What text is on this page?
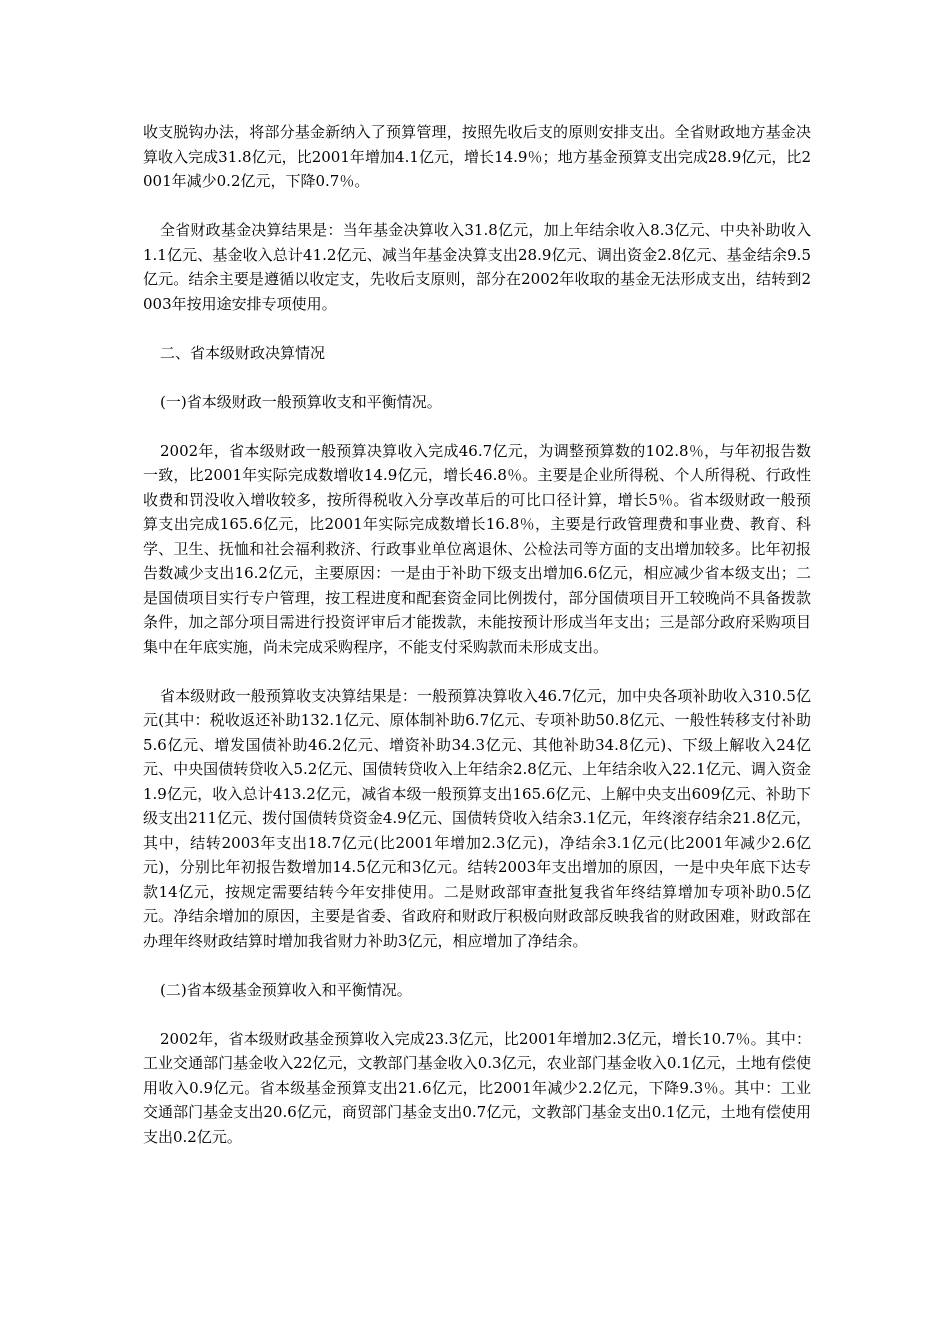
收支脱钩办法，将部分基金新纳入了预算管理，按照先收后支的原则安排支出。全省财政地方基金决算收入完成31.8亿元，比2001年增加4.1亿元，增长14.9％；地方基金预算支出完成28.9亿元，比2001年减少0.2亿元，下降0.7％。

全省财政基金决算结果是：当年基金决算收入31.8亿元，加上年结余收入8.3亿元、中央补助收入1.1亿元、基金收入总计41.2亿元、减当年基金决算支出28.9亿元、调出资金2.8亿元、基金结余9.5亿元。结余主要是遵循以收定支，先收后支原则，部分在2002年收取的基金无法形成支出，结转到2003年按用途安排专项使用。

二、省本级财政决算情况

(一)省本级财政一般预算收支和平衡情况。

2002年，省本级财政一般预算决算收入完成46.7亿元，为调整预算数的102.8％，与年初报告数一致，比2001年实际完成数增收14.9亿元，增长46.8％。主要是企业所得税、个人所得税、行政性收费和罚没收入增收较多，按所得税收入分享改革后的可比口径计算，增长5％。省本级财政一般预算支出完成165.6亿元，比2001年实际完成数增长16.8％，主要是行政管理费和事业费、教育、科学、卫生、抚恤和社会福利救济、行政事业单位离退休、公检法司等方面的支出增加较多。比年初报告数减少支出16.2亿元，主要原因：一是由于补助下级支出增加6.6亿元，相应减少省本级支出；二是国债项目实行专户管理，按工程进度和配套资金同比例拨付，部分国债项目开工较晚尚不具备拨款条件，加之部分项目需进行投资评审后才能拨款，未能按预计形成当年支出；三是部分政府采购项目集中在年底实施，尚未完成采购程序，不能支付采购款而未形成支出。

省本级财政一般预算收支决算结果是：一般预算决算收入46.7亿元，加中央各项补助收入310.5亿元(其中：税收返还补助132.1亿元、原体制补助6.7亿元、专项补助50.8亿元、一般性转移支付补助5.6亿元、增发国债补助46.2亿元、增资补助34.3亿元、其他补助34.8亿元)、下级上解收入24亿元、中央国债转贷收入5.2亿元、国债转贷收入上年结余2.8亿元、上年结余收入22.1亿元、调入资金1.9亿元，收入总计413.2亿元，减省本级一般预算支出165.6亿元、上解中央支出609亿元、补助下级支出211亿元、拨付国债转贷资金4.9亿元、国债转贷收入结余3.1亿元，年终滚存结余21.8亿元，其中，结转2003年支出18.7亿元(比2001年增加2.3亿元)，净结余3.1亿元(比2001年减少2.6亿元)，分别比年初报告数增加14.5亿元和3亿元。结转2003年支出增加的原因，一是中央年底下达专款14亿元，按规定需要结转今年安排使用。二是财政部审查批复我省年终结算增加专项补助0.5亿元。净结余增加的原因，主要是省委、省政府和财政厅积极向财政部反映我省的财政困难，财政部在办理年终财政结算时增加我省财力补助3亿元，相应增加了净结余。

(二)省本级基金预算收入和平衡情况。

2002年，省本级财政基金预算收入完成23.3亿元，比2001年增加2.3亿元，增长10.7％。其中：工业交通部门基金收入22亿元，文教部门基金收入0.3亿元，农业部门基金收入0.1亿元，土地有偿使用收入0.9亿元。省本级基金预算支出21.6亿元，比2001年减少2.2亿元，下降9.3％。其中：工业交通部门基金支出20.6亿元，商贸部门基金支出0.7亿元，文教部门基金支出0.1亿元，土地有偿使用支出0.2亿元。
